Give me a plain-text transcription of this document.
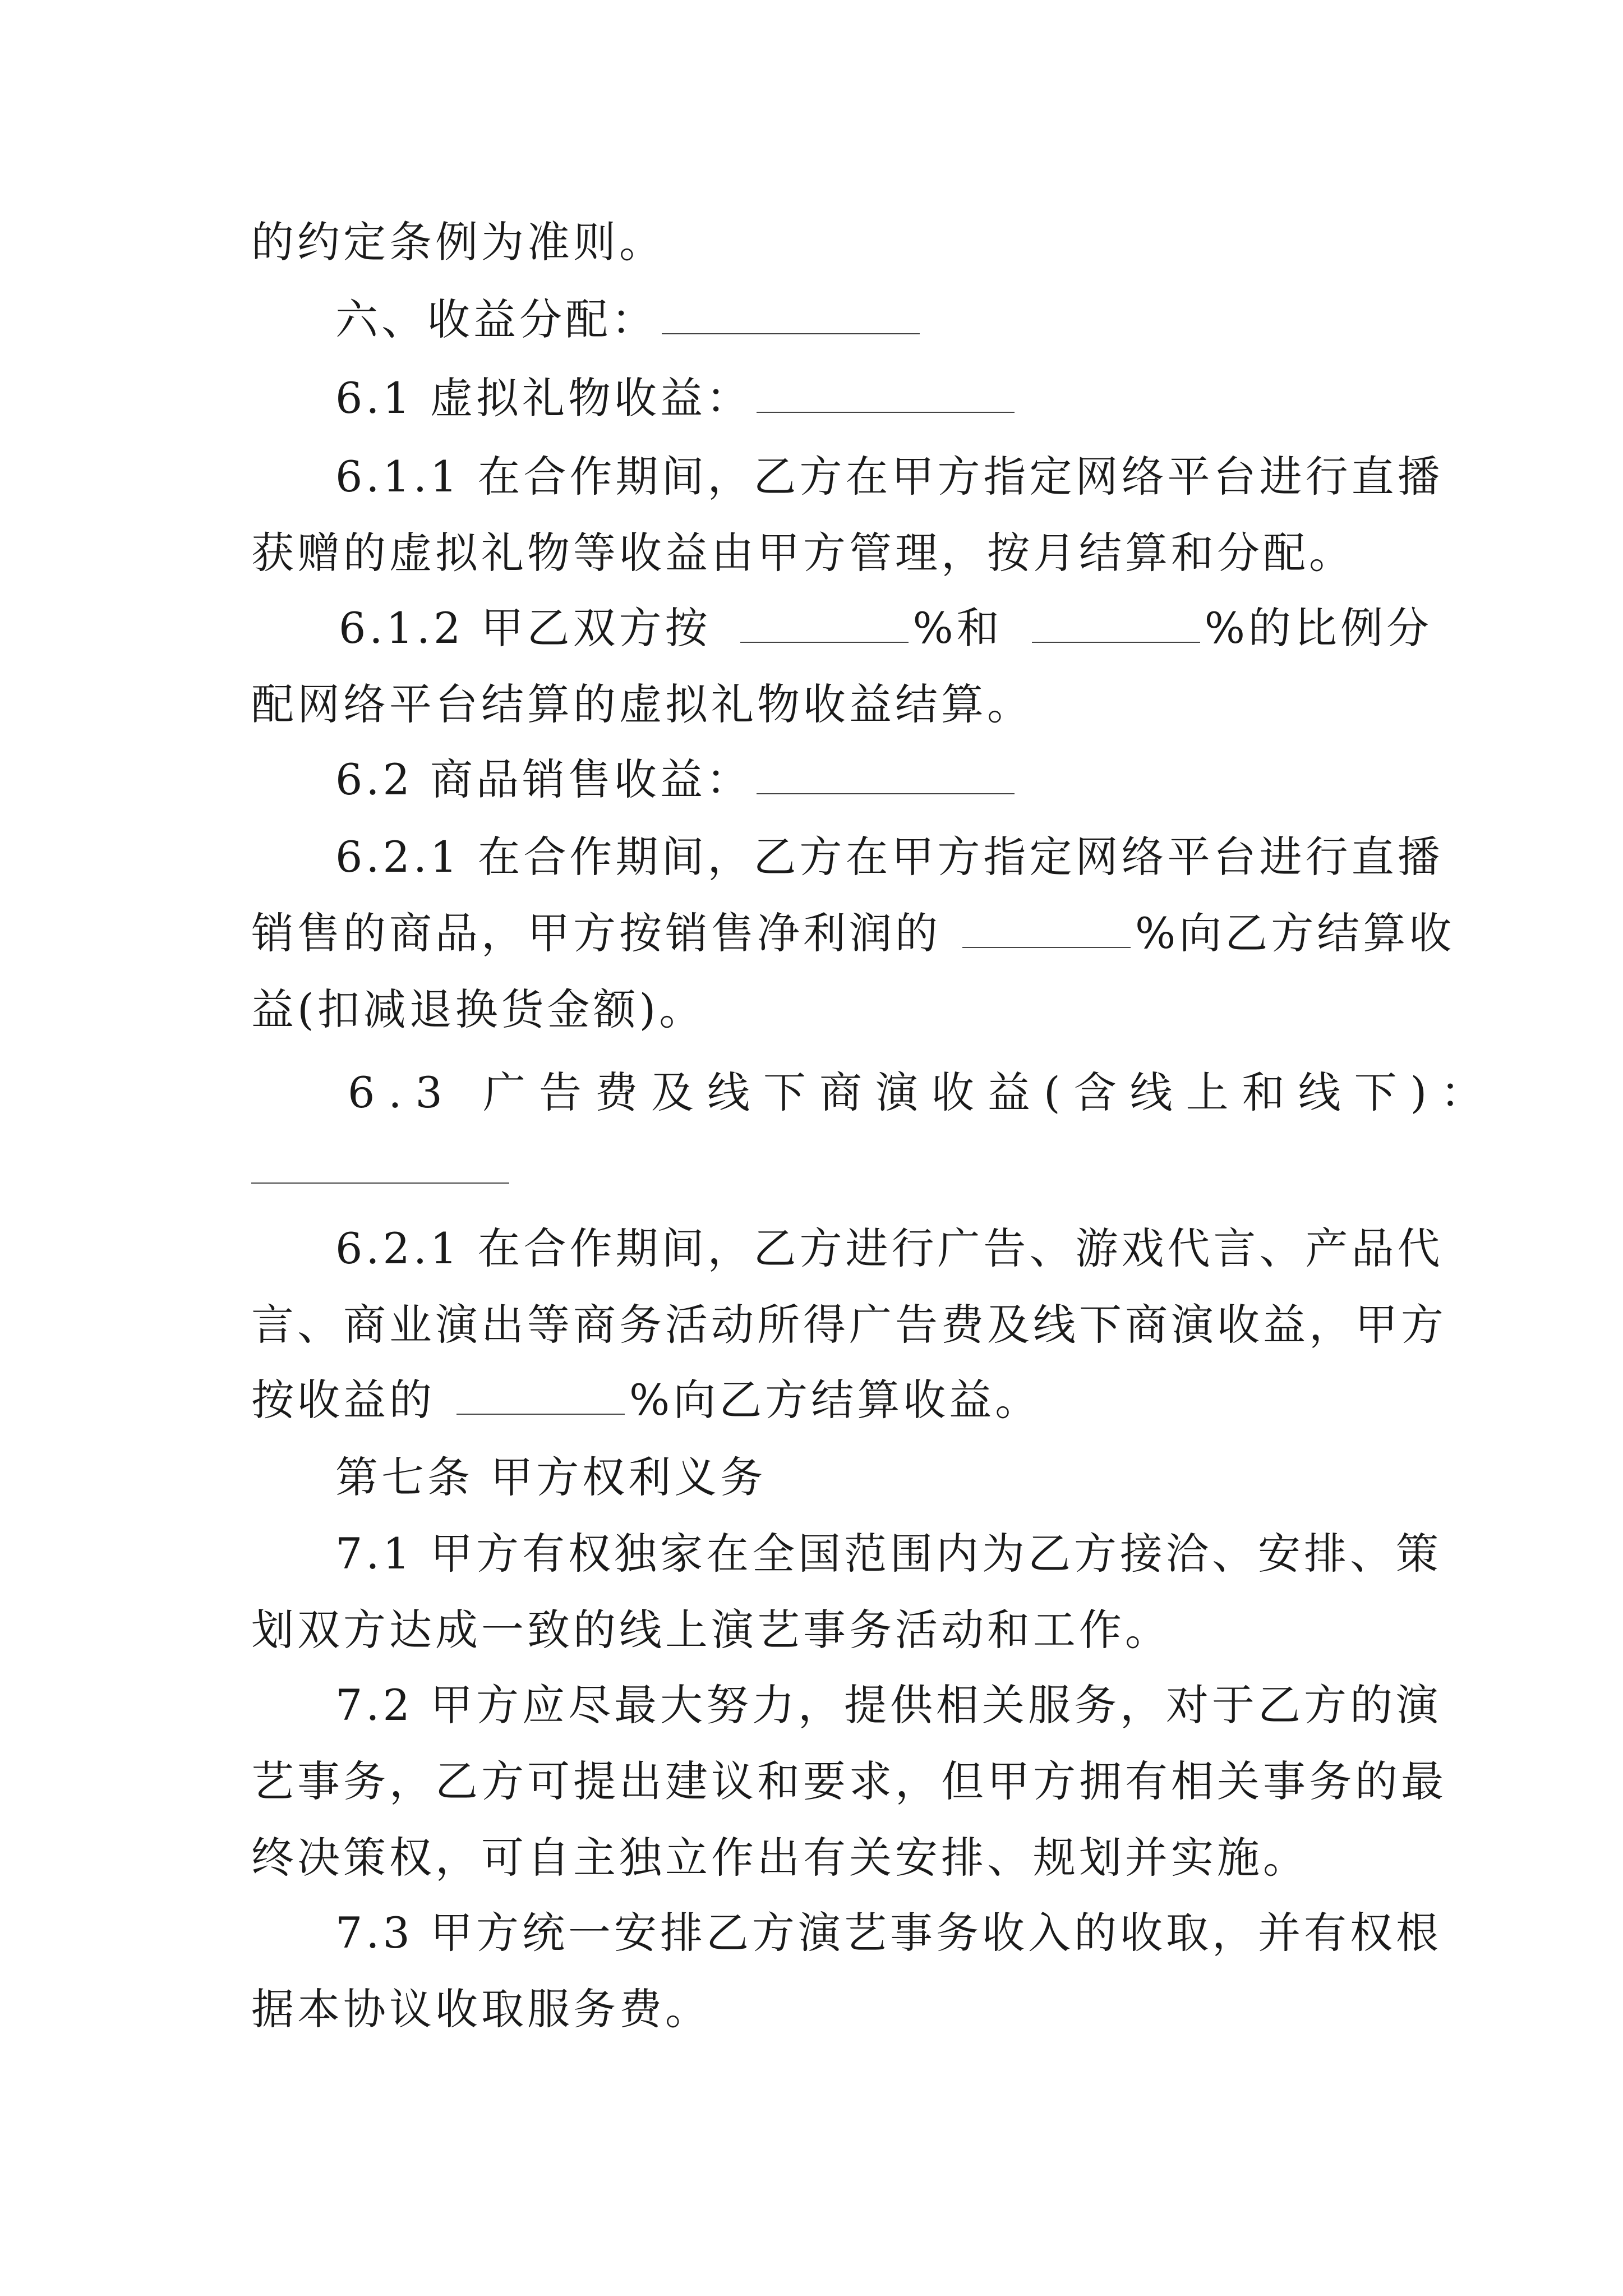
的约定条例为准则。
六、收益分配：
6.1 虚拟礼物收益：
6.1.1 在合作期间，乙方在甲方指定网络平台进行直播
获赠的虚拟礼物等收益由甲方管理，按月结算和分配。
6.1.2 甲乙双方按	%和	%的比例分
配网络平台结算的虚拟礼物收益结算。
6.2 商品销售收益：
6.2.1 在合作期间，乙方在甲方指定网络平台进行直播
销售的商品，甲方按销售净利润的	%向乙方结算收
益(扣减退换货金额)。
6.3 广告费及线下商演收益(含线上和线下)：
6.2.1 在合作期间，乙方进行广告、游戏代言、产品代
言、商业演出等商务活动所得广告费及线下商演收益，甲方
按收益的	%向乙方结算收益。
第七条 甲方权利义务
7.1 甲方有权独家在全国范围内为乙方接洽、安排、策
划双方达成一致的线上演艺事务活动和工作。
7.2 甲方应尽最大努力，提供相关服务，对于乙方的演
艺事务，乙方可提出建议和要求，但甲方拥有相关事务的最
终决策权，可自主独立作出有关安排、规划并实施。
7.3 甲方统一安排乙方演艺事务收入的收取，并有权根
据本协议收取服务费。
